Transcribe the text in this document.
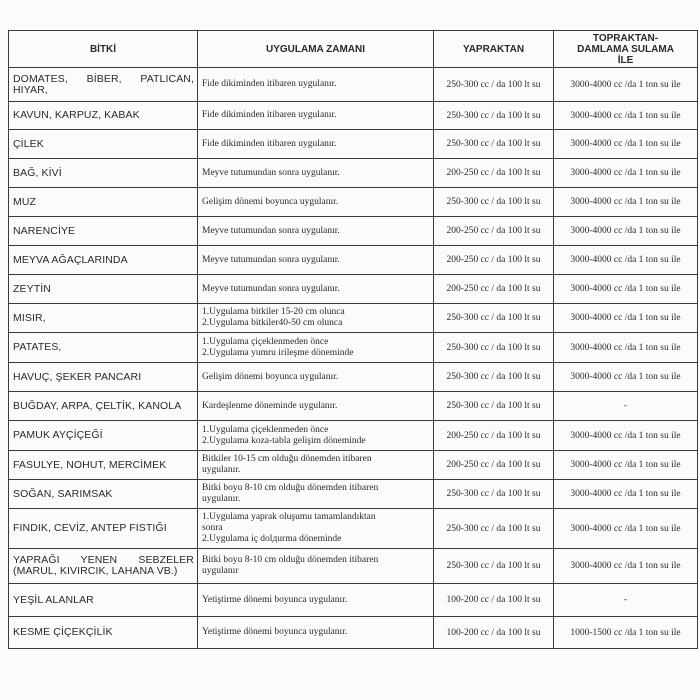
BİTKİ	UYGULAMA ZAMANI	YAPRAKTAN	TOPRAKTAN-
DAMLAMA SULAMA
İLE

DOMATES, BİBER, PATLICAN, HIYAR,	Fide dikiminden itibaren uygulanır.	250-300 cc / da 100 lt su	3000-4000 cc /da 1 ton su ile
KAVUN, KARPUZ, KABAK	Fide dikiminden itibaren uygulanır.	250-300 cc / da 100 lt su	3000-4000 cc /da 1 ton su ile
ÇİLEK	Fide dikiminden itibaren uygulanır.	250-300 cc / da 100 lt su	3000-4000 cc /da 1 ton su ile
BAĞ, KİVİ	Meyve tutumundan sonra uygulanır.	200-250 cc / da 100 lt su	3000-4000 cc /da 1 ton su ile
MUZ	Gelişim dönemi boyunca uygulanır.	250-300 cc / da 100 lt su	3000-4000 cc /da 1 ton su ile
NARENCİYE	Meyve tutumundan sonra uygulanır.	200-250 cc / da 100 lt su	3000-4000 cc /da 1 ton su ile
MEYVA AĞAÇLARINDA	Meyve tutumundan sonra uygulanır.	200-250 cc / da 100 lt su	3000-4000 cc /da 1 ton su ile
ZEYTİN	Meyve tutumundan sonra uygulanır.	200-250 cc / da 100 lt su	3000-4000 cc /da 1 ton su ile
MISIR,	1.Uygulama bitkiler 15-20 cm olunca
2.Uygulama bitkiler40-50 cm olunca	250-300 cc / da 100 lt su	3000-4000 cc /da 1 ton su ile
PATATES,	1.Uygulama çiçeklenmeden önce
2.Uygulama yumru irileşme döneminde	250-300 cc / da 100 lt su	3000-4000 cc /da 1 ton su ile
HAVUÇ, ŞEKER PANCARI	Gelişim dönemi boyunca uygulanır.	250-300 cc / da 100 lt su	3000-4000 cc /da 1 ton su ile
BUĞDAY, ARPA, ÇELTİK, KANOLA	Kardeşlenme döneminde uygulanır.	250-300 cc / da 100 lt su	-
PAMUK AYÇİÇEĞİ	1.Uygulama çiçeklenmeden önce
2.Uygulama koza-tabla gelişim döneminde	200-250 cc / da 100 lt su	3000-4000 cc /da 1 ton su ile
FASULYE, NOHUT, MERCİMEK	Bitkiler 10-15 cm olduğu dönemden itibaren
uygulanır.	200-250 cc / da 100 lt su	3000-4000 cc /da 1 ton su ile
SOĞAN, SARIMSAK	Bitki boyu 8-10 cm olduğu dönemden itibaren
uygulanır.	250-300 cc / da 100 lt su	3000-4000 cc /da 1 ton su ile
FINDIK, CEVİZ, ANTEP FISTIĞI	1.Uygulama yaprak oluşumu tamamlandıktan
sonra
2.Uygulama iç dolдurma döneminde	250-300 cc / da 100 lt su	3000-4000 cc /da 1 ton su ile
YAPRAĞI YENEN SEBZELER (MARUL, KIVIRCIK, LAHANA VB.)	Bitki boyu 8-10 cm olduğu dönemden itibaren
uygulanır	250-300 cc / da 100 lt su	3000-4000 cc /da 1 ton su ile
YEŞİL ALANLAR	Yetiştirme dönemi boyunca uygulanır.	100-200 cc / da 100 lt su	-
KESME ÇİÇEKÇİLİK	Yetiştirme dönemi boyunca uygulanır.	100-200 cc / da 100 lt su	1000-1500 cc /da 1 ton su ile
